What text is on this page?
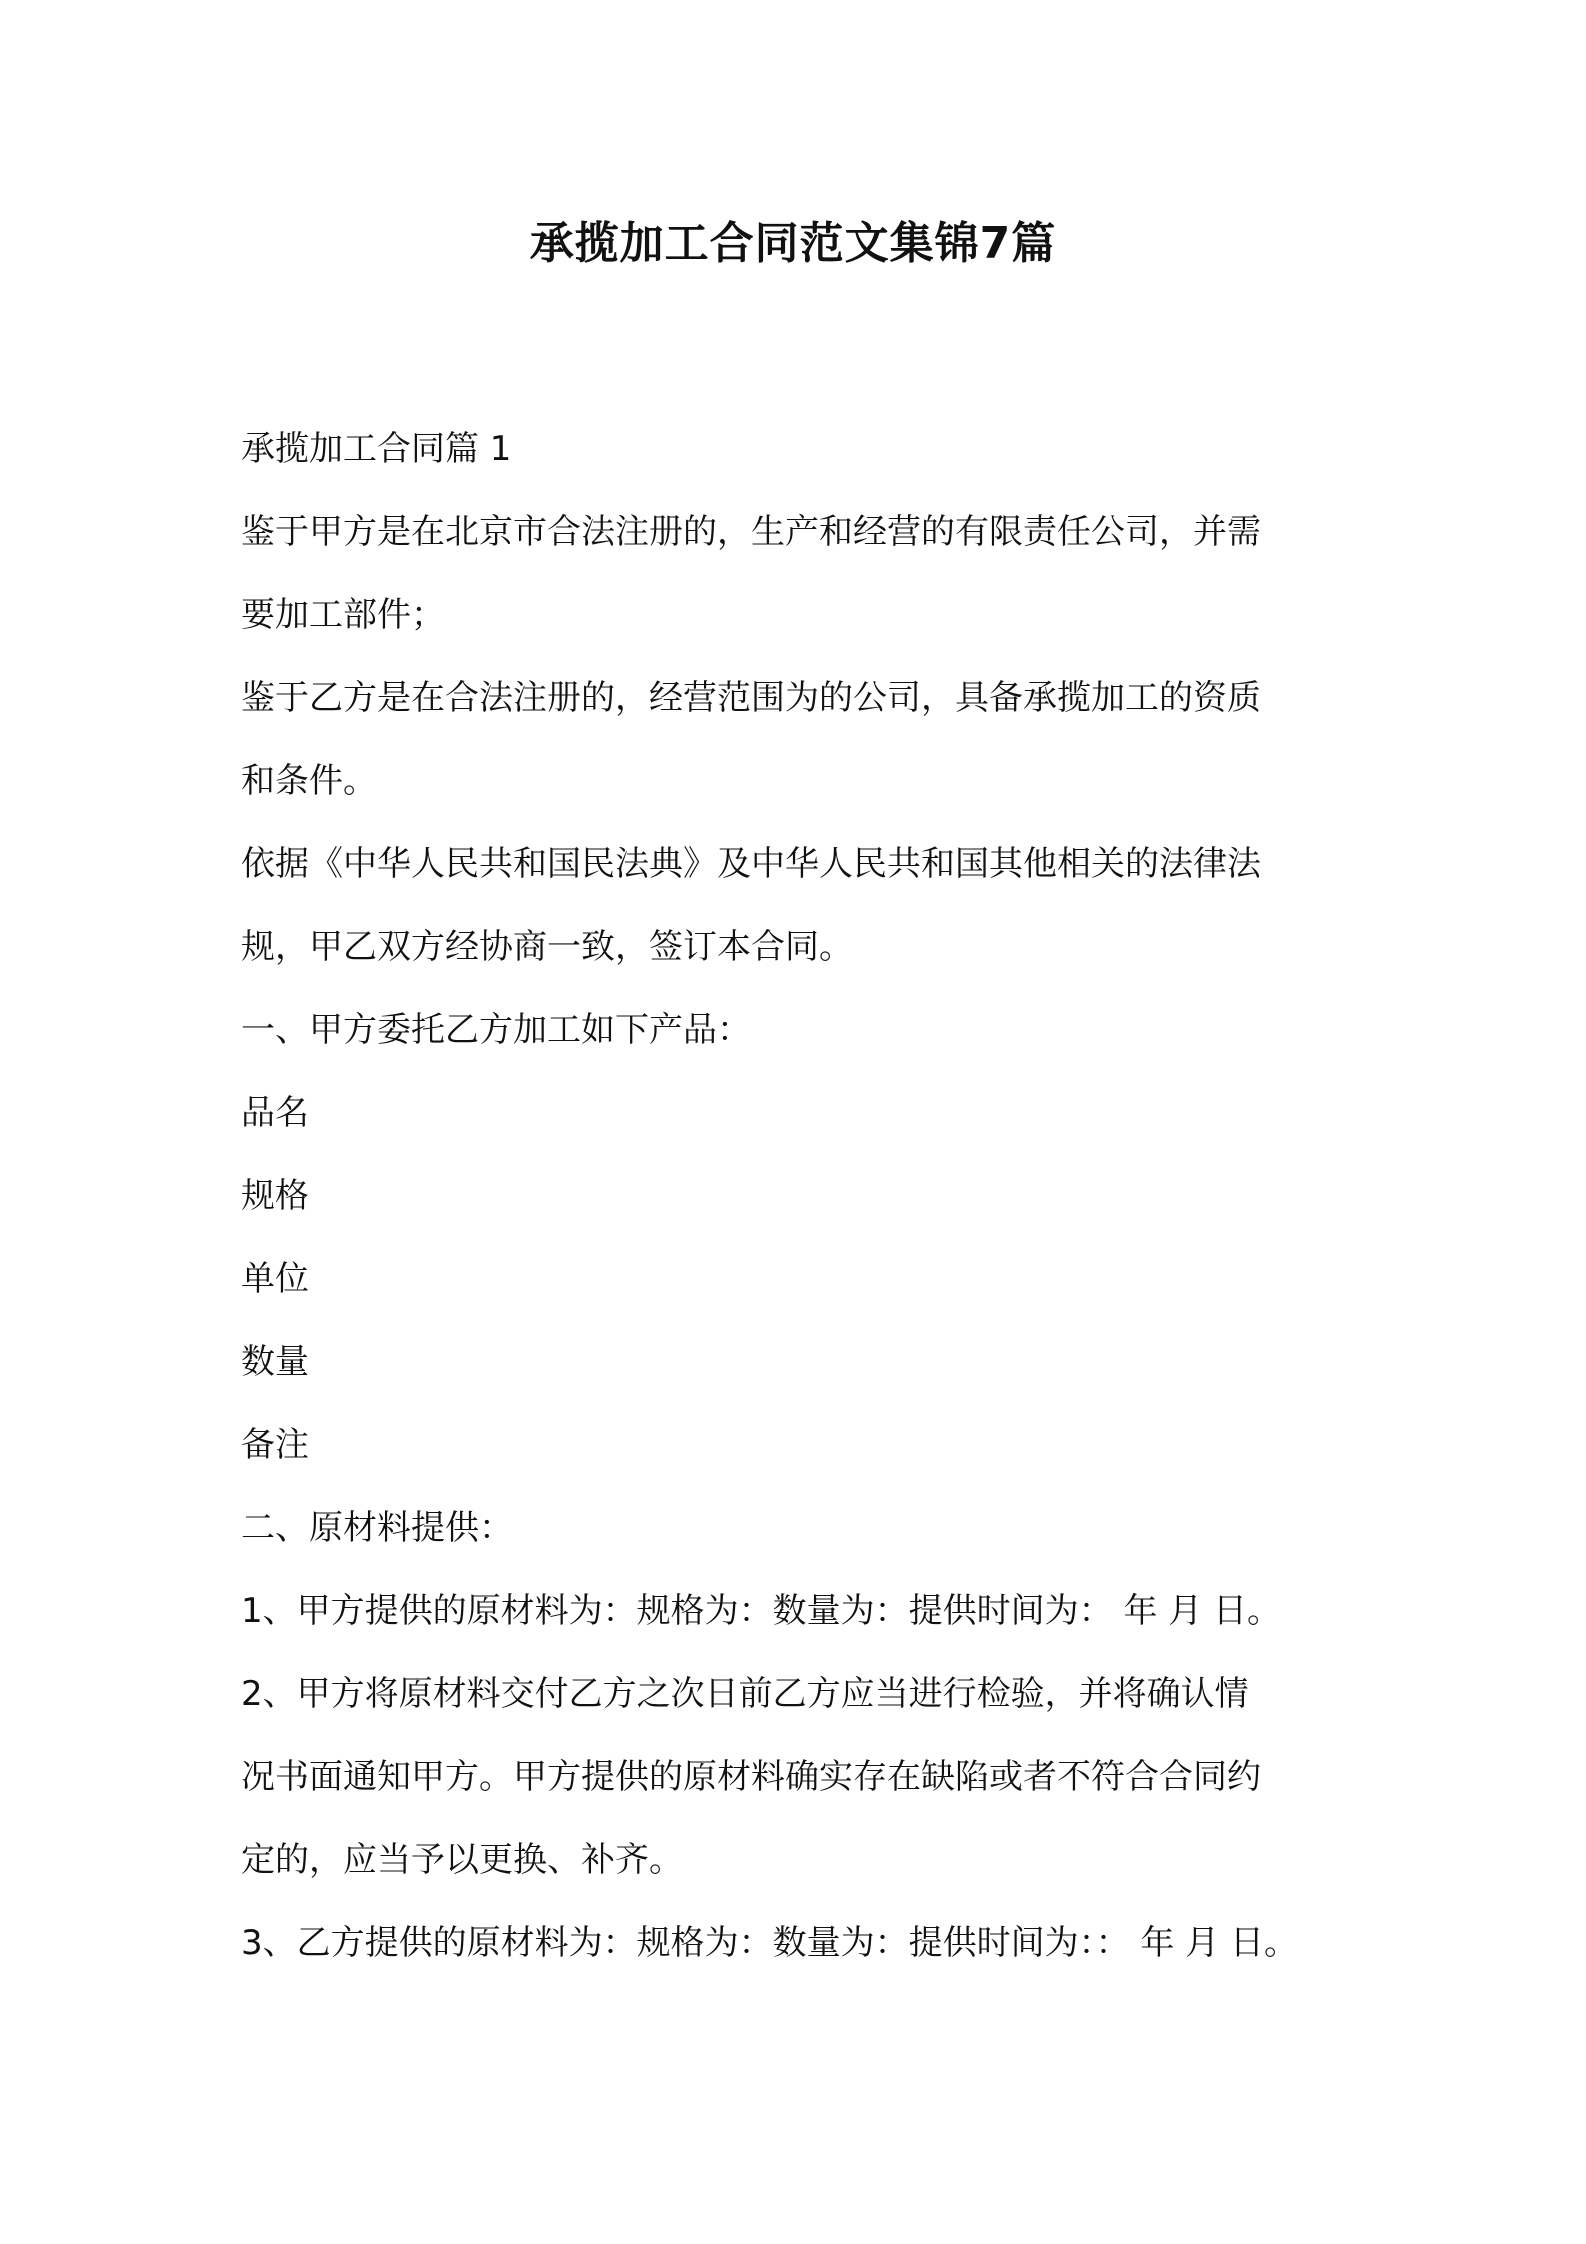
承揽加工合同范文集锦7篇

承揽加工合同篇 1

鉴于甲方是在北京市合法注册的，生产和经营的有限责任公司，并需

要加工部件；

鉴于乙方是在合法注册的，经营范围为的公司，具备承揽加工的资质

和条件。

依据《中华人民共和国民法典》及中华人民共和国其他相关的法律法

规，甲乙双方经协商一致，签订本合同。

一、甲方委托乙方加工如下产品：

品名

规格

单位

数量

备注

二、原材料提供：

1、甲方提供的原材料为：规格为：数量为：提供时间为： 年 月 日。

2、甲方将原材料交付乙方之次日前乙方应当进行检验，并将确认情

况书面通知甲方。甲方提供的原材料确实存在缺陷或者不符合合同约

定的，应当予以更换、补齐。

3、乙方提供的原材料为：规格为：数量为：提供时间为：： 年 月 日。
